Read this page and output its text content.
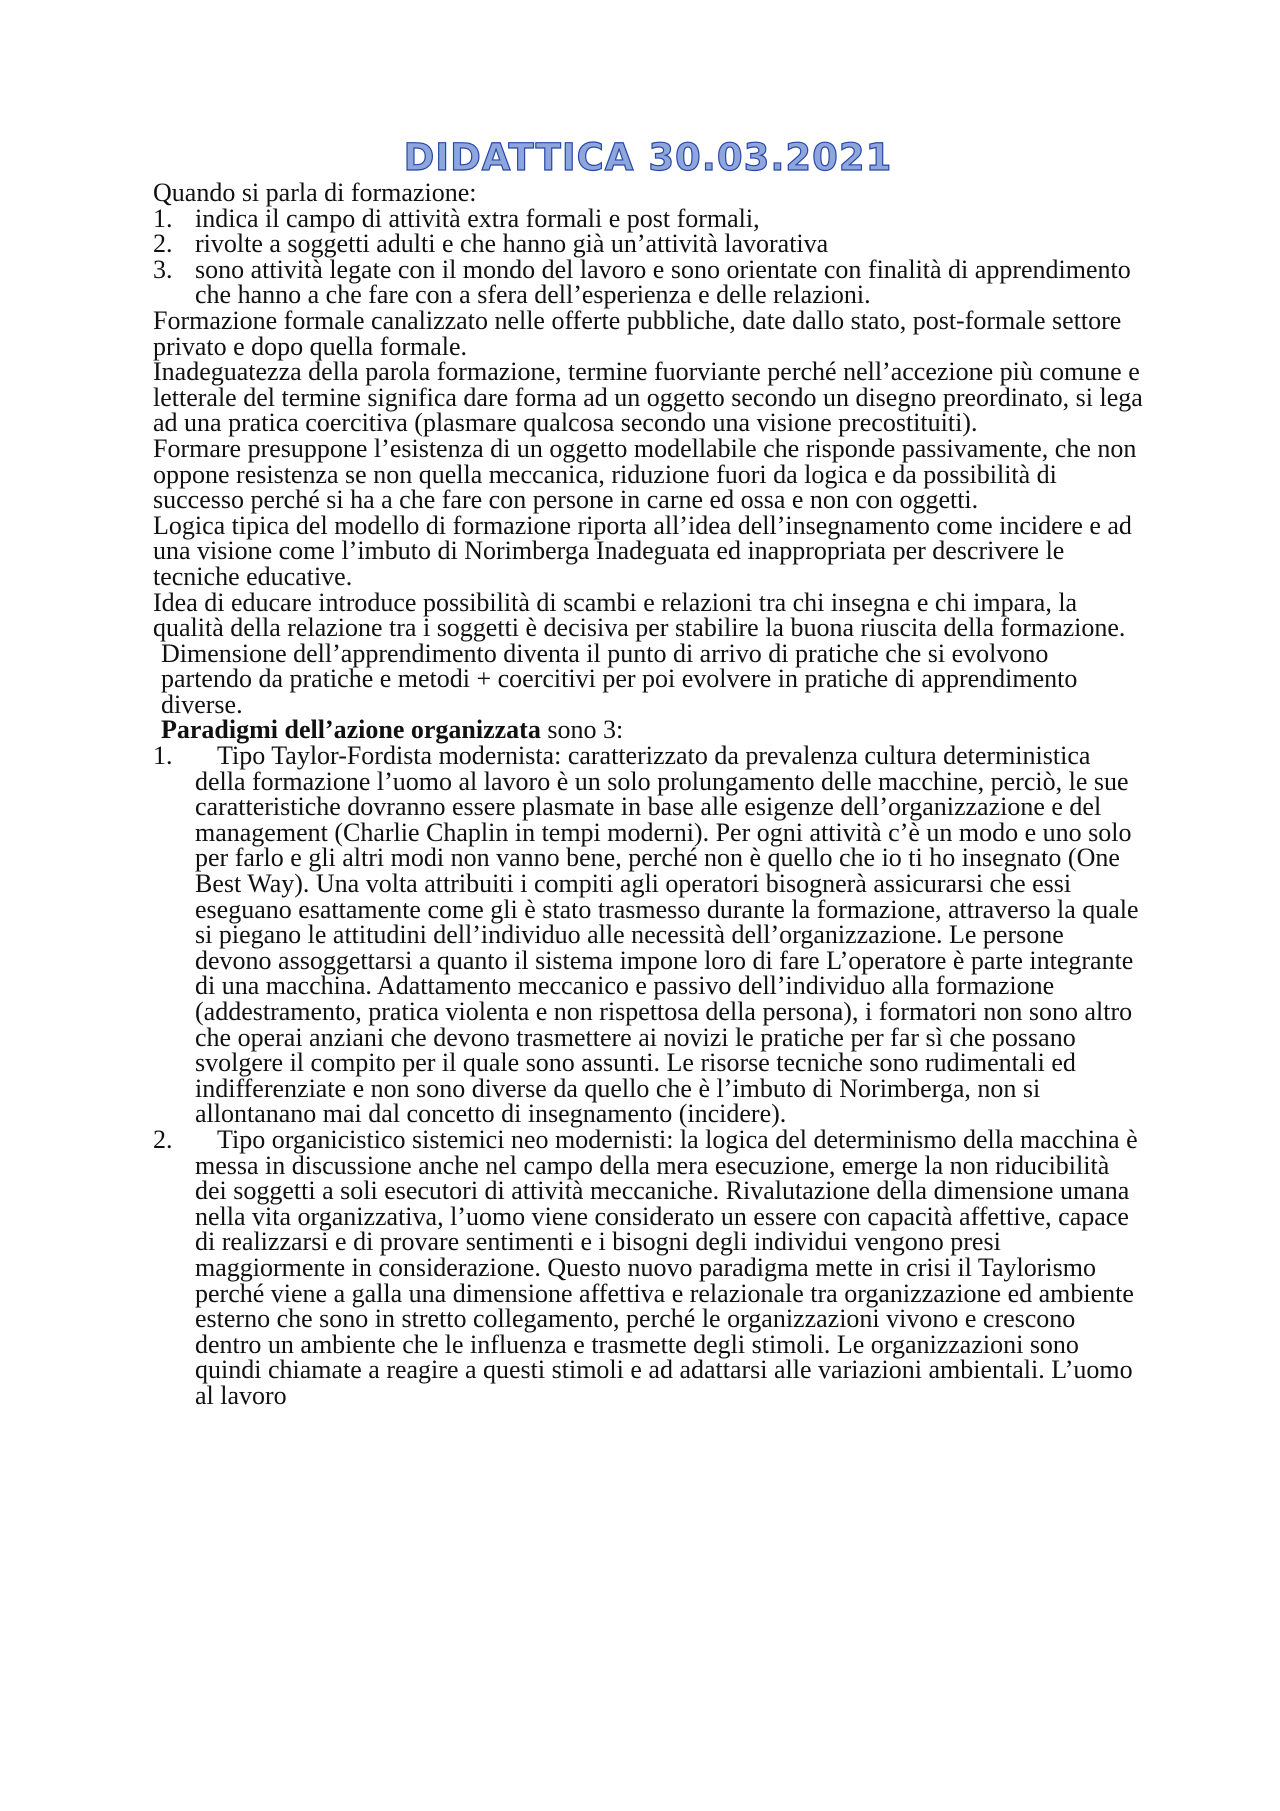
DIDATTICA 30.03.2021

Quando si parla di formazione:

1. indica il campo di attività extra formali e post formali,
2. rivolte a soggetti adulti e che hanno già un’attività lavorativa
3. sono attività legate con il mondo del lavoro e sono orientate con finalità di apprendimento che hanno a che fare con a sfera dell’esperienza e delle relazioni.

Formazione formale canalizzato nelle offerte pubbliche, date dallo stato, post-formale settore privato e dopo quella formale.

Inadeguatezza della parola formazione, termine fuorviante perché nell’accezione più comune e letterale del termine significa dare forma ad un oggetto secondo un disegno preordinato, si lega ad una pratica coercitiva (plasmare qualcosa secondo una visione precostituiti).

Formare presuppone l’esistenza di un oggetto modellabile che risponde passivamente, che non oppone resistenza se non quella meccanica, riduzione fuori da logica e da possibilità di successo perché si ha a che fare con persone in carne ed ossa e non con oggetti.

Logica tipica del modello di formazione riporta all’idea dell’insegnamento come incidere e ad una visione come l’imbuto di Norimberga Inadeguata ed inappropriata per descrivere le tecniche educative.

Idea di educare introduce possibilità di scambi e relazioni tra chi insegna e chi impara, la qualità della relazione tra i soggetti è decisiva per stabilire la buona riuscita della formazione.

Dimensione dell’apprendimento diventa il punto di arrivo di pratiche che si evolvono partendo da pratiche e metodi + coercitivi per poi evolvere in pratiche di apprendimento diverse.

Paradigmi dell’azione organizzata sono 3:

1.	Tipo Taylor-Fordista modernista: caratterizzato da prevalenza cultura deterministica della formazione l’uomo al lavoro è un solo prolungamento delle macchine, perciò, le sue caratteristiche dovranno essere plasmate in base alle esigenze dell’organizzazione e del management (Charlie Chaplin in tempi moderni). Per ogni attività c’è un modo e uno solo per farlo e gli altri modi non vanno bene, perché non è quello che io ti ho insegnato (One Best Way). Una volta attribuiti i compiti agli operatori bisognerà assicurarsi che essi eseguano esattamente come gli è stato trasmesso durante la formazione, attraverso la quale si piegano le attitudini dell’individuo alle necessità dell’organizzazione. Le persone devono assoggettarsi a quanto il sistema impone loro di fare L’operatore è parte integrante di una macchina. Adattamento meccanico e passivo dell’individuo alla formazione (addestramento, pratica violenta e non rispettosa della persona), i formatori non sono altro che operai anziani che devono trasmettere ai novizi le pratiche per far sì che possano svolgere il compito per il quale sono assunti. Le risorse tecniche sono rudimentali ed indifferenziate e non sono diverse da quello che è l’imbuto di Norimberga, non si allontanano mai dal concetto di insegnamento (incidere).
2.	Tipo organicistico sistemici neo modernisti: la logica del determinismo della macchina è messa in discussione anche nel campo della mera esecuzione, emerge la non riducibilità dei soggetti a soli esecutori di attività meccaniche. Rivalutazione della dimensione umana nella vita organizzativa, l’uomo viene considerato un essere con capacità affettive, capace di realizzarsi e di provare sentimenti e i bisogni degli individui vengono presi maggiormente in considerazione. Questo nuovo paradigma mette in crisi il Taylorismo perché viene a galla una dimensione affettiva e relazionale tra organizzazione ed ambiente esterno che sono in stretto collegamento, perché le organizzazioni vivono e crescono dentro un ambiente che le influenza e trasmette degli stimoli. Le organizzazioni sono quindi chiamate a reagire a questi stimoli e ad adattarsi alle variazioni ambientali. L’uomo al lavoro
